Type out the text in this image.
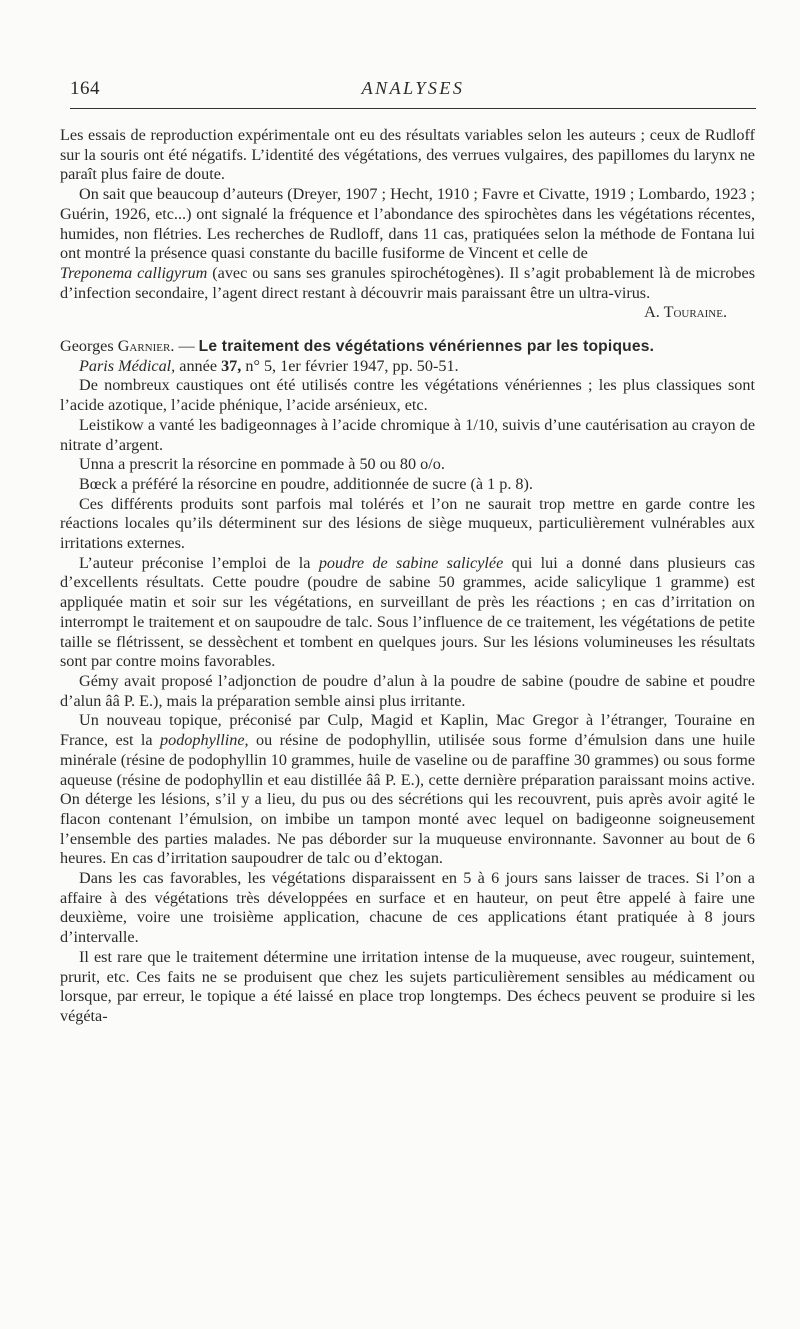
164	ANALYSES

Les essais de reproduction expérimentale ont eu des résultats variables selon les auteurs ; ceux de Rudloff sur la souris ont été négatifs. L’identité des végétations, des verrues vulgaires, des papillomes du larynx ne paraît plus faire de doute.

On sait que beaucoup d’auteurs (Dreyer, 1907 ; Hecht, 1910 ; Favre et Civatte, 1919 ; Lombardo, 1923 ; Guérin, 1926, etc...) ont signalé la fréquence et l’abondance des spirochètes dans les végétations récentes, humides, non flétries. Les recherches de Rudloff, dans 11 cas, pratiquées selon la méthode de Fontana lui ont montré la présence quasi constante du bacille fusiforme de Vincent et celle de

Treponema calligyrum (avec ou sans ses granules spirochétogènes). Il s’agit probablement là de microbes d’infection secondaire, l’agent direct restant à découvrir mais paraissant être un ultra-virus.

A. Touraine.

Georges Garnier. — Le traitement des végétations vénériennes par les topiques.

Paris Médical, année 37, n° 5, 1er février 1947, pp. 50-51.

De nombreux caustiques ont été utilisés contre les végétations vénériennes ; les plus classiques sont l’acide azotique, l’acide phénique, l’acide arsénieux, etc.

Leistikow a vanté les badigeonnages à l’acide chromique à 1/10, suivis d’une cautérisation au crayon de nitrate d’argent.

Unna a prescrit la résorcine en pommade à 50 ou 80 o/o.

Bœck a préféré la résorcine en poudre, additionnée de sucre (à 1 p. 8).

Ces différents produits sont parfois mal tolérés et l’on ne saurait trop mettre en garde contre les réactions locales qu’ils déterminent sur des lésions de siège muqueux, particulièrement vulnérables aux irritations externes.

L’auteur préconise l’emploi de la poudre de sabine salicylée qui lui a donné dans plusieurs cas d’excellents résultats. Cette poudre (poudre de sabine 50 grammes, acide salicylique 1 gramme) est appliquée matin et soir sur les végétations, en surveillant de près les réactions ; en cas d’irritation on interrompt le traitement et on saupoudre de talc. Sous l’influence de ce traitement, les végétations de petite taille se flétrissent, se dessèchent et tombent en quelques jours. Sur les lésions volumineuses les résultats sont par contre moins favorables.

Gémy avait proposé l’adjonction de poudre d’alun à la poudre de sabine (poudre de sabine et poudre d’alun ââ P. E.), mais la préparation semble ainsi plus irritante.

Un nouveau topique, préconisé par Culp, Magid et Kaplin, Mac Gregor à l’étranger, Touraine en France, est la podophylline, ou résine de podophyllin, utilisée sous forme d’émulsion dans une huile minérale (résine de podophyllin 10 grammes, huile de vaseline ou de paraffine 30 grammes) ou sous forme aqueuse (résine de podophyllin et eau distillée ââ P. E.), cette dernière préparation paraissant moins active. On déterge les lésions, s’il y a lieu, du pus ou des sécrétions qui les recouvrent, puis après avoir agité le flacon contenant l’émulsion, on imbibe un tampon monté avec lequel on badigeonne soigneusement l’ensemble des parties malades. Ne pas déborder sur la muqueuse environnante. Savonner au bout de 6 heures. En cas d’irritation saupoudrer de talc ou d’ektogan.

Dans les cas favorables, les végétations disparaissent en 5 à 6 jours sans laisser de traces. Si l’on a affaire à des végétations très développées en surface et en hauteur, on peut être appelé à faire une deuxième, voire une troisième application, chacune de ces applications étant pratiquée à 8 jours d’intervalle.

Il est rare que le traitement détermine une irritation intense de la muqueuse, avec rougeur, suintement, prurit, etc. Ces faits ne se produisent que chez les sujets particulièrement sensibles au médicament ou lorsque, par erreur, le topique a été laissé en place trop longtemps. Des échecs peuvent se produire si les végéta-
